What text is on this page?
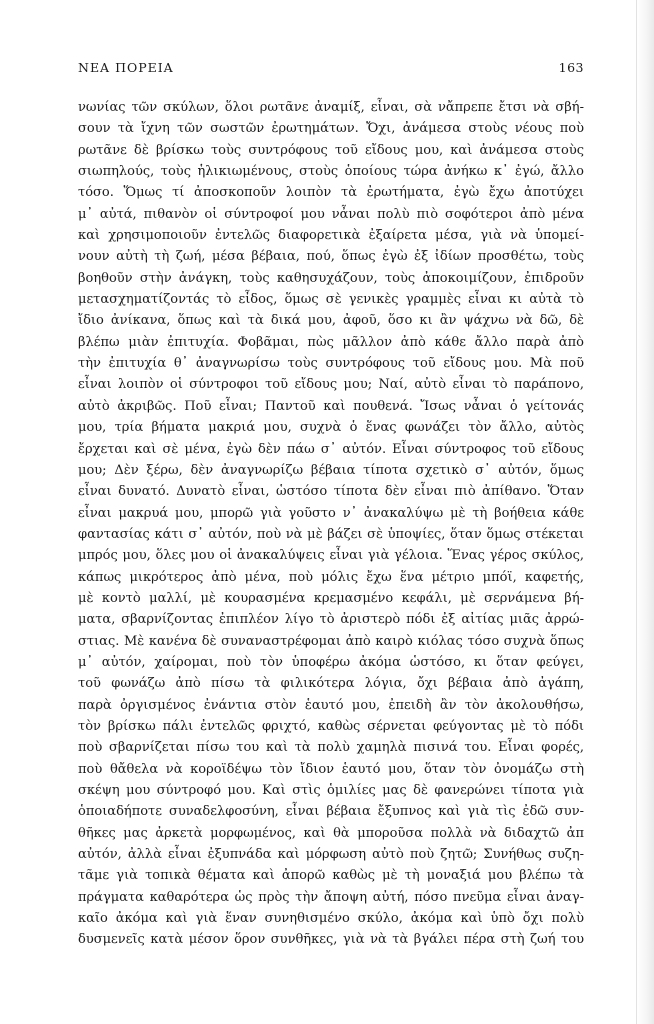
ΝΕΑ ΠΟΡΕΙΑ	163
νωνίας τῶν σκύλων, ὅλοι ρωτᾶνε ἀναμίξ, εἶναι, σὰ νἄπρεπε ἔτσι νὰ σβή-
σουν τὰ ἴχνη τῶν σωστῶν ἐρωτημάτων. Ὄχι, ἀνάμεσα στοὺς νέους ποὺ
ρωτᾶνε δὲ βρίσκω τοὺς συντρόφους τοῦ εἴδους μου, καὶ ἀνάμεσα στοὺς
σιωπηλούς, τοὺς ἡλικιωμένους, στοὺς ὁποίους τώρα ἀνήκω κ᾿ ἐγώ, ἄλλο
τόσο. Ὅμως τί ἀποσκοποῦν λοιπὸν τὰ ἐρωτήματα, ἐγὼ ἔχω ἀποτύχει
μ᾿ αὐτά, πιθανὸν οἱ σύντροφοί μου νἆναι πολὺ πιὸ σοφότεροι ἀπὸ μένα
καὶ χρησιμοποιοῦν ἐντελῶς διαφορετικὰ ἐξαίρετα μέσα, γιὰ νὰ ὑπομεί-
νουν αὐτὴ τὴ ζωή, μέσα βέβαια, πού, ὅπως ἐγὼ ἐξ ἰδίων προσθέτω, τοὺς
βοηθοῦν στὴν ἀνάγκη, τοὺς καθησυχάζουν, τοὺς ἀποκοιμίζουν, ἐπιδροῦν
μετασχηματίζοντάς τὸ εἶδος, ὅμως σὲ γενικὲς γραμμὲς εἶναι κι αὐτὰ τὸ
ἴδιο ἀνίκανα, ὅπως καὶ τὰ δικά μου, ἀφοῦ, ὅσο κι ἂν ψάχνω νὰ δῶ, δὲ
βλέπω μιὰν ἐπιτυχία. Φοβᾶμαι, πὼς μᾶλλον ἀπὸ κάθε ἄλλο παρὰ ἀπὸ
τὴν ἐπιτυχία θ᾿ ἀναγνωρίσω τοὺς συντρόφους τοῦ εἴδους μου. Μὰ ποῦ
εἶναι λοιπὸν οἱ σύντροφοι τοῦ εἴδους μου; Ναί, αὐτὸ εἶναι τὸ παράπονο,
αὐτὸ ἀκριβῶς. Ποῦ εἶναι; Παντοῦ καὶ πουθενά. Ἴσως νἆναι ὁ γείτονάς
μου, τρία βήματα μακριά μου, συχνὰ ὁ ἕνας φωνάζει τὸν ἄλλο, αὐτὸς
ἔρχεται καὶ σὲ μένα, ἐγὼ δὲν πάω σ᾿ αὐτόν. Εἶναι σύντροφος τοῦ εἴδους
μου; Δὲν ξέρω, δὲν ἀναγνωρίζω βέβαια τίποτα σχετικὸ σ᾿ αὐτόν, ὅμως
εἶναι δυνατό. Δυνατὸ εἶναι, ὡστόσο τίποτα δὲν εἶναι πιὸ ἀπίθανο. Ὅταν
εἶναι μακρυά μου, μπορῶ γιὰ γοῦστο ν᾿ ἀνακαλύψω μὲ τὴ βοήθεια κάθε
φαντασίας κάτι σ᾿ αὐτόν, ποὺ νὰ μὲ βάζει σὲ ὑποψίες, ὅταν ὅμως στέκεται
μπρός μου, ὅλες μου οἱ ἀνακαλύψεις εἶναι γιὰ γέλοια. Ἕνας γέρος σκύλος,
κάπως μικρότερος ἀπὸ μένα, ποὺ μόλις ἔχω ἕνα μέτριο μπόϊ, καφετής,
μὲ κοντὸ μαλλί, μὲ κουρασμένα κρεμασμένο κεφάλι, μὲ σερνάμενα βή-
ματα, σβαρνίζοντας ἐπιπλέον λίγο τὸ ἀριστερὸ πόδι ἐξ αἰτίας μιᾶς ἀρρώ-
στιας. Μὲ κανένα δὲ συναναστρέφομαι ἀπὸ καιρὸ κιόλας τόσο συχνὰ ὅπως
μ᾿ αὐτόν, χαίρομαι, ποὺ τὸν ὑποφέρω ἀκόμα ὡστόσο, κι ὅταν φεύγει,
τοῦ φωνάζω ἀπὸ πίσω τὰ φιλικότερα λόγια, ὄχι βέβαια ἀπὸ ἀγάπη,
παρὰ ὀργισμένος ἐνάντια στὸν ἑαυτό μου, ἐπειδὴ ἂν τὸν ἀκολουθήσω,
τὸν βρίσκω πάλι ἐντελῶς φριχτό, καθὼς σέρνεται φεύγοντας μὲ τὸ πόδι
ποὺ σβαρνίζεται πίσω του καὶ τὰ πολὺ χαμηλὰ πισινά του. Εἶναι φορές,
ποὺ θἄθελα νὰ κοροϊδέψω τὸν ἴδιον ἑαυτό μου, ὅταν τὸν ὀνομάζω στὴ
σκέψη μου σύντροφό μου. Καὶ στὶς ὁμιλίες μας δὲ φανερώνει τίποτα γιὰ
ὁποιαδήποτε συναδελφοσύνη, εἶναι βέβαια ἔξυπνος καὶ γιὰ τὶς ἐδῶ συν-
θῆκες μας ἀρκετὰ μορφωμένος, καὶ θὰ μποροῦσα πολλὰ νὰ διδαχτῶ ἀπ
αὐτόν, ἀλλὰ εἶναι ἐξυπνάδα καὶ μόρφωση αὐτὸ ποὺ ζητῶ; Συνήθως συζη-
τᾶμε γιὰ τοπικὰ θέματα καὶ ἀπορῶ καθὼς μὲ τὴ μοναξιά μου βλέπω τὰ
πράγματα καθαρότερα ὡς πρὸς τὴν ἄποψη αὐτή, πόσο πνεῦμα εἶναι ἀναγ-
καῖο ἀκόμα καὶ γιὰ ἕναν συνηθισμένο σκύλο, ἀκόμα καὶ ὑπὸ ὄχι πολὺ
δυσμενεῖς κατὰ μέσον ὅρον συνθῆκες, γιὰ νὰ τὰ βγάλει πέρα στὴ ζωή του
